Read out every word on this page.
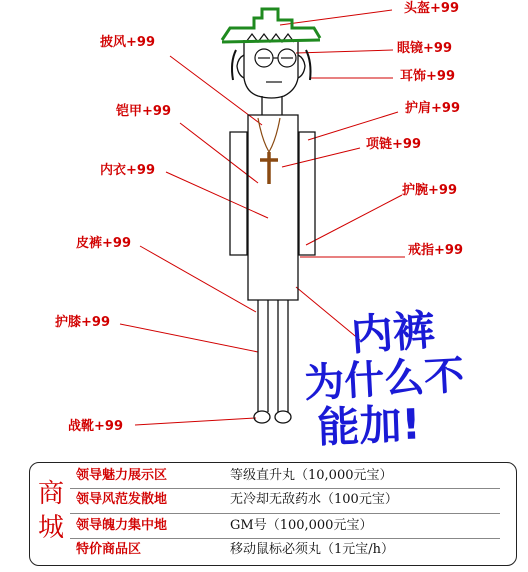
内裤
为什么不
能加!
头盔+99
披风+99	眼镜+99
耳饰+99
铠甲+99	护肩+99
项链+99
内衣+99
护腕+99
皮裤+99	戒指+99
护膝+99
战靴+99
商城
领导魅力展示区	等级直升丸（10,000元宝）
领导风范发散地	无冷却无敌药水（100元宝）
领导魄力集中地	GM号（100,000元宝）
特价商品区	移动鼠标必须丸（1元宝/h）
